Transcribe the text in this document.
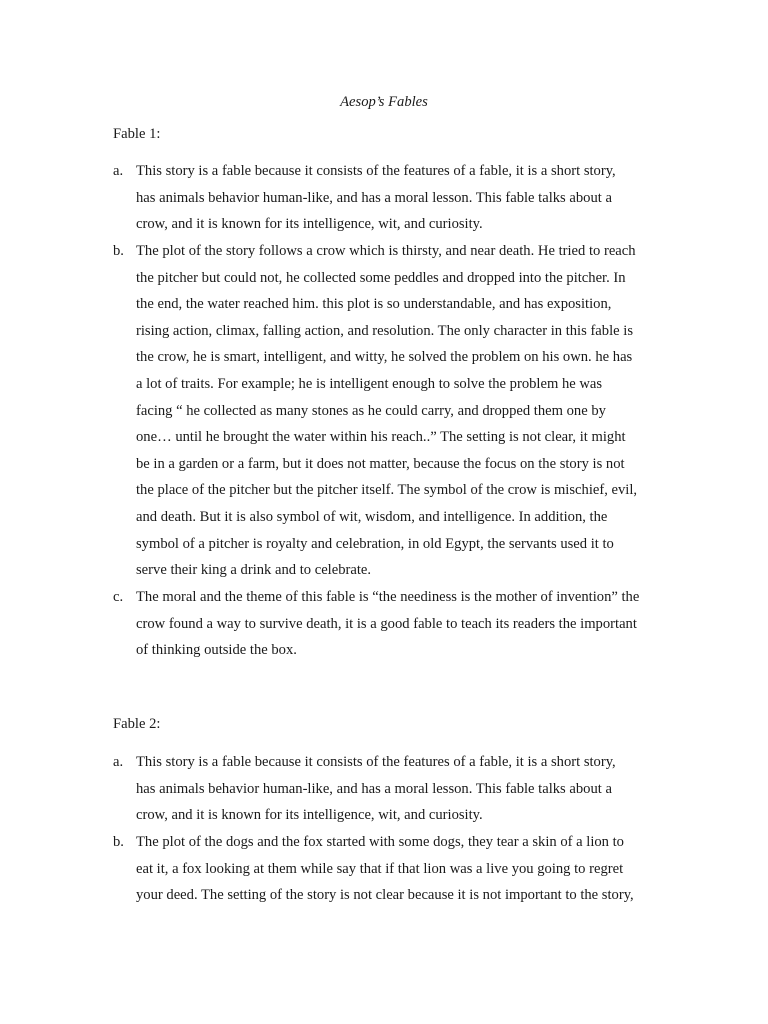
Aesop’s Fables
Fable 1:
a. This story is a fable because it consists of the features of a fable, it is a short story,
has animals behavior human-like, and has a moral lesson. This fable talks about a
crow, and it is known for its intelligence, wit, and curiosity.
b. The plot of the story follows a crow which is thirsty, and near death. He tried to reach
the pitcher but could not, he collected some peddles and dropped into the pitcher. In
the end, the water reached him. this plot is so understandable, and has exposition,
rising action, climax, falling action, and resolution. The only character in this fable is
the crow, he is smart, intelligent, and witty, he solved the problem on his own. he has
a lot of traits. For example; he is intelligent enough to solve the problem he was
facing “ he collected as many stones as he could carry, and dropped them one by
one… until he brought the water within his reach..” The setting is not clear, it might
be in a garden or a farm, but it does not matter, because the focus on the story is not
the place of the pitcher but the pitcher itself. The symbol of the crow is mischief, evil,
and death. But it is also symbol of wit, wisdom, and intelligence. In addition, the
symbol of a pitcher is royalty and celebration, in old Egypt, the servants used it to
serve their king a drink and to celebrate.
c. The moral and the theme of this fable is “the neediness is the mother of invention” the
crow found a way to survive death, it is a good fable to teach its readers the important
of thinking outside the box.
Fable 2:
a. This story is a fable because it consists of the features of a fable, it is a short story,
has animals behavior human-like, and has a moral lesson. This fable talks about a
crow, and it is known for its intelligence, wit, and curiosity.
b. The plot of the dogs and the fox started with some dogs, they tear a skin of a lion to
eat it, a fox looking at them while say that if that lion was a live you going to regret
your deed. The setting of the story is not clear because it is not important to the story,
